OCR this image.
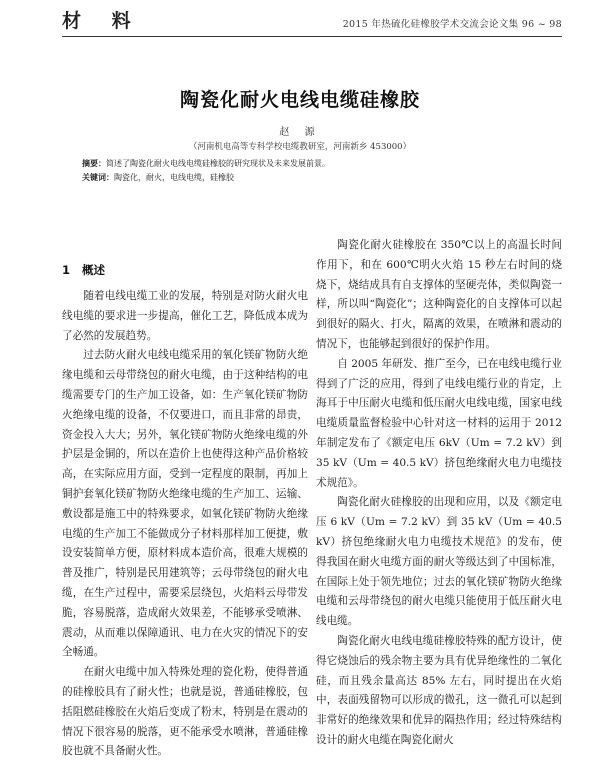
材 料	2015 年热硫化硅橡胶学术交流会论文集 96 ~ 98
陶瓷化耐火电线电缆硅橡胶
赵 源
（河南机电高等专科学校电缆教研室，河南新乡 453000）
摘要：简述了陶瓷化耐火电线电缆硅橡胶的研究现状及未来发展前景。
关键词：陶瓷化，耐火，电线电缆，硅橡胶
1 概述

随着电线电缆工业的发展，特别是对防火耐火电线电缆的要求进一步提高，催化工艺，降低成本成为了必然的发展趋势。

过去防火耐火电线电缆采用的氧化镁矿物防火绝缘电缆和云母带绕包的耐火电缆，由于这种结构的电缆需要专门的生产加工设备，如：生产氧化镁矿物防火绝缘电缆的设备，不仅要进口，而且非常的昂贵，资金投入大大；另外，氧化镁矿物防火绝缘电缆的外护层是金铜的，所以在造价上也使得这种产品价格较高，在实际应用方面，受到一定程度的限制，再加上铜护套氧化镁矿物防火绝缘电缆的生产加工、运输、敷设都是施工中的特殊要求，如氧化镁矿物防火绝缘电缆的生产加工不能做成分子材料那样加工便捷，敷设安装简单方便，原材料成本造价高，很难大规模的普及推广，特别是民用建筑等；云母带绕包的耐火电缆，在生产过程中，需要采层绕包，火焰料云母带发脆，容易脱落，造成耐火效果差，不能够承受喷淋、震动，从而难以保障通讯、电力在火灾的情况下的安全畅通。

在耐火电缆中加入特殊处理的瓷化粉，使得普通的硅橡胶具有了耐火性；也就是说，普通硅橡胶，包括阻燃硅橡胶在火焰后变成了粉末，特别是在震动的情况下很容易的脱落，更不能承受水喷淋，普通硅橡胶也就不具备耐火性。

陶瓷化耐火硅橡胶在 350℃以上的高温长时间作用下，和在 600℃明火火焰 15 秒左右时间的烧烧下，烧结成具有自支撑体的坚硬壳体，类似陶瓷一样，所以叫“陶瓷化”；这种陶瓷化的自支撑体可以起到很好的隔火、打火，隔离的效果，在喷淋和震动的情况下，也能够起到很好的保护作用。

自 2005 年研发、推广至今，已在电线电缆行业得到了广泛的应用，得到了电线电缆行业的肯定，上海耳于中压耐火电缆和低压耐火电线电缆，国家电线电缆质量监督检验中心针对这一材料的运用于 2012 年制定发布了《额定电压 6kV（Um = 7.2 kV）到 35 kV（Um = 40.5 kV）挤包绝缘耐火电力电缆技术规范》。

陶瓷化耐火硅橡胶的出现和应用，以及《额定电压 6 kV（Um = 7.2 kV）到 35 kV（Um = 40.5 kV）挤包绝缘耐火电力电缆技术规范》的发布，使得我国在耐火电缆方面的耐火等级达到了中国标准，在国际上处于领先地位；过去的氧化镁矿物防火绝缘电缆和云母带绕包的耐火电缆只能使用于低压耐火电线电缆。

陶瓷化耐火电线电缆硅橡胶特殊的配方设计，使得它烧蚀后的残余物主要为具有优异绝缘性的二氧化硅，而且残余量高达 85% 左右，同时提出在火焰中，表面残留物可以形成的微孔，这一微孔可以起到非常好的绝缘效果和优异的隔热作用；经过特殊结构设计的耐火电缆在陶瓷化耐火
